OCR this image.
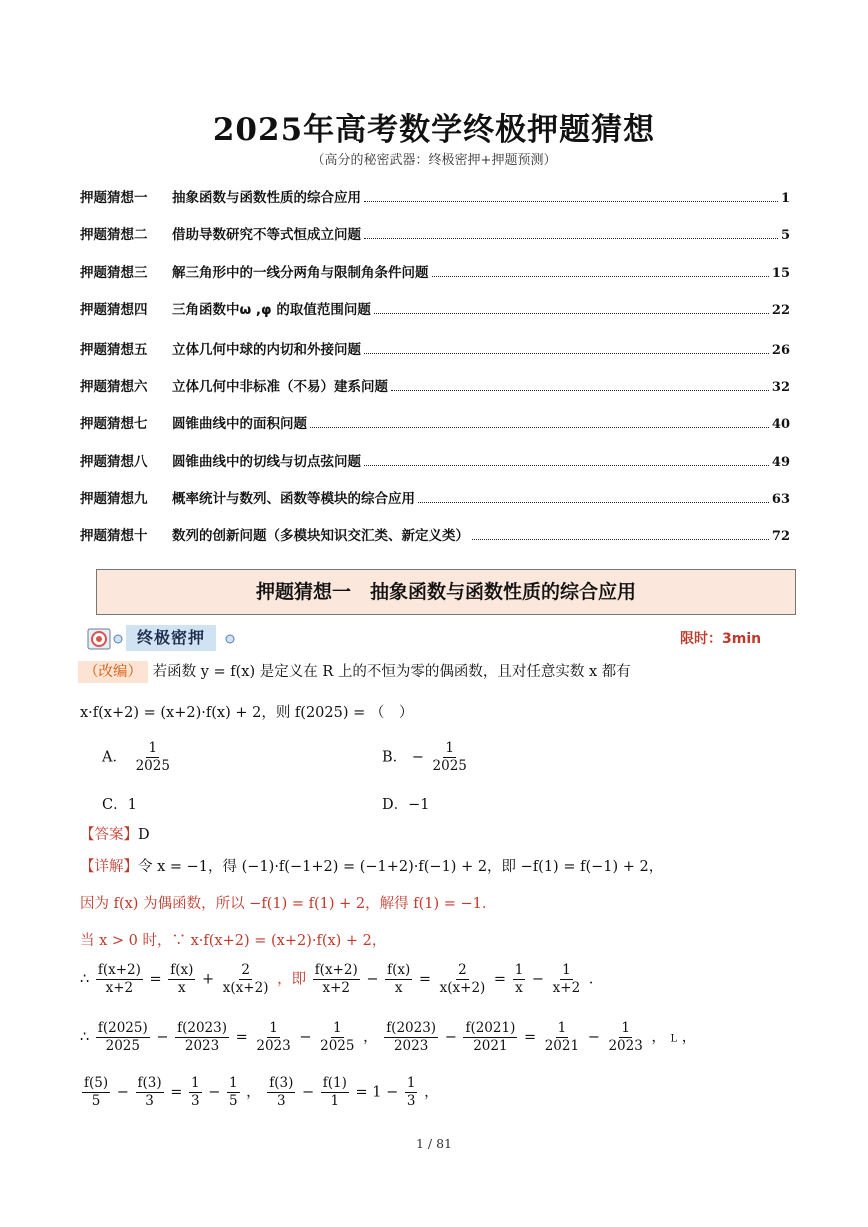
2025年高考数学终极押题猜想
（高分的秘密武器：终极密押+押题预测）
押题猜想一	抽象函数与函数性质的综合应用	1
押题猜想二	借助导数研究不等式恒成立问题	5
押题猜想三	解三角形中的一线分两角与限制角条件问题	15
押题猜想四	三角函数中ω ,φ 的取值范围问题	22
押题猜想五	立体几何中球的内切和外接问题	26
押题猜想六	立体几何中非标准（不易）建系问题	32
押题猜想七	圆锥曲线中的面积问题	40
押题猜想八	圆锥曲线中的切线与切点弦问题	49
押题猜想九	概率统计与数列、函数等模块的综合应用	63
押题猜想十	数列的创新问题（多模块知识交汇类、新定义类）	72
押题猜想一　抽象函数与函数性质的综合应用
终极密押	限时：3min
（改编） 若函数 y = f(x) 是定义在 R 上的不恒为零的偶函数，且对任意实数 x 都有
x·f(x+2) = (x+2)·f(x) + 2，则 f(2025) = （　）
A． $\frac{1}{2025}$	B． − $\frac{1}{2025}$
C．1	D．−1
【答案】D
【详解】令 x = −1，得 (−1)·f(−1+2) = (−1+2)·f(−1) + 2，即 −f(1) = f(−1) + 2，
因为 f(x) 为偶函数，所以 −f(1) = f(1) + 2，解得 f(1) = −1.
当 x > 0 时，∵ x·f(x+2) = (x+2)·f(x) + 2，
∴ $\frac{f(x+2)}{x+2} = \frac{f(x)}{x} + \frac{2}{x(x+2)}$ ，即 $\frac{f(x+2)}{x+2} - \frac{f(x)}{x} = \frac{2}{x(x+2)} = \frac{1}{x} - \frac{1}{x+2}$ .
∴ $\frac{f(2025)}{2025} - \frac{f(2023)}{2023} = \frac{1}{2023} - \frac{1}{2025}$ ， $\frac{f(2023)}{2023} - \frac{f(2021)}{2021} = \frac{1}{2021} - \frac{1}{2023}$ ， L ，
$\frac{f(5)}{5} - \frac{f(3)}{3} = \frac{1}{3} - \frac{1}{5}$ ， $\frac{f(3)}{3} - \frac{f(1)}{1} = 1 - \frac{1}{3}$ ，
1 / 81
